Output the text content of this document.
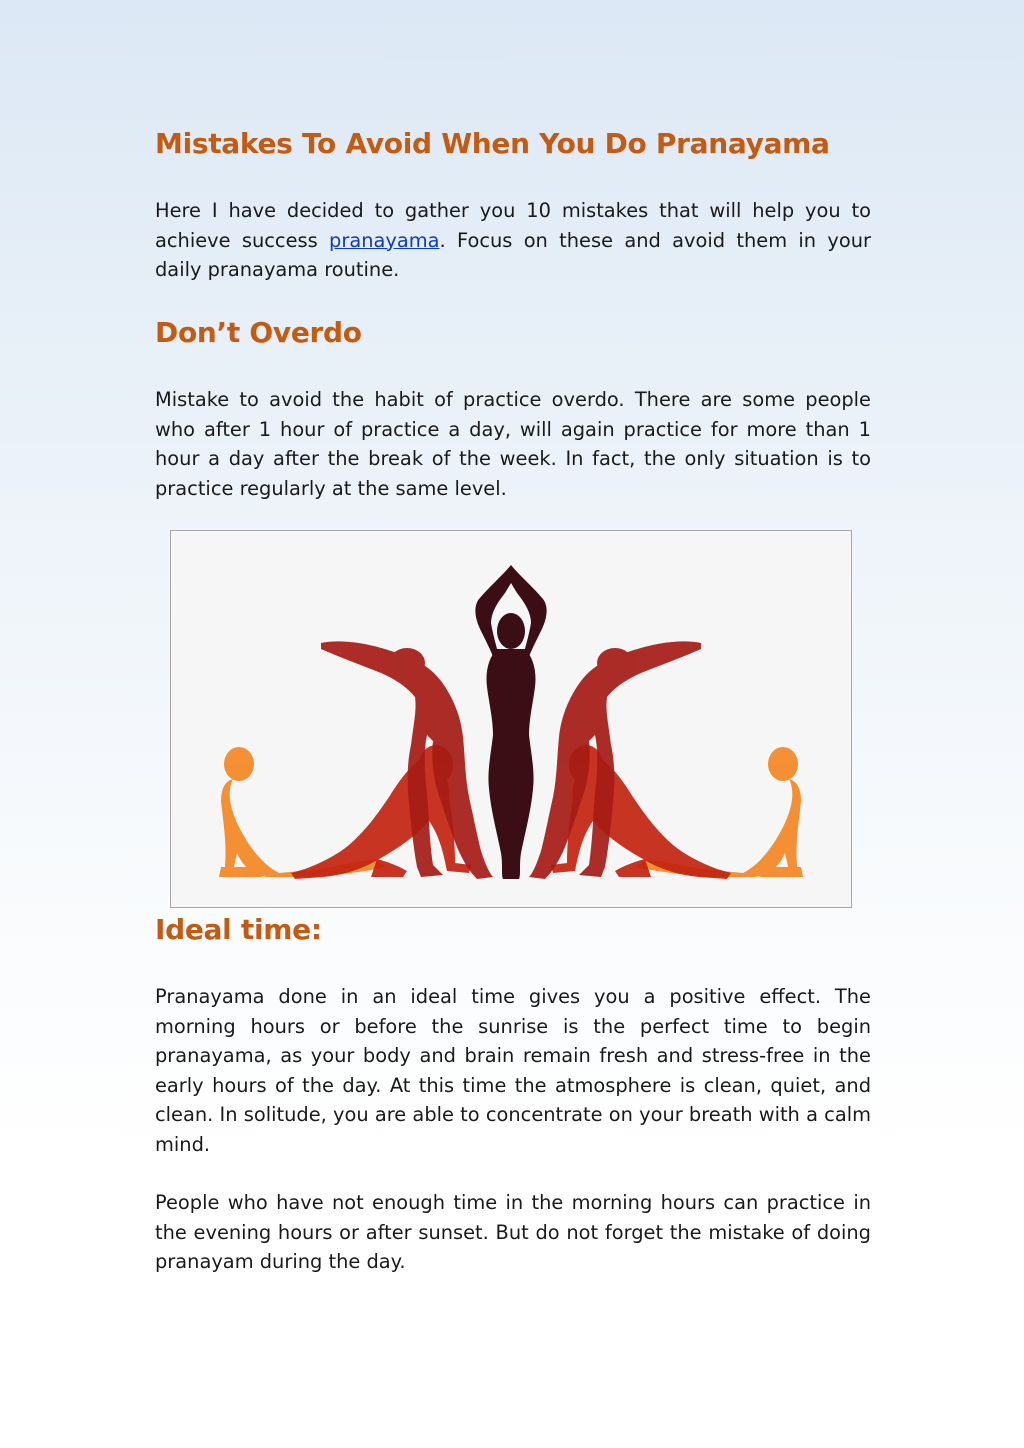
Mistakes To Avoid When You Do Pranayama

Here I have decided to gather you 10 mistakes that will help you to achieve success pranayama. Focus on these and avoid them in your daily pranayama routine.

Don’t Overdo

Mistake to avoid the habit of practice overdo. There are some people who after 1 hour of practice a day, will again practice for more than 1 hour a day after the break of the week. In fact, the only situation is to practice regularly at the same level.

Ideal time:

Pranayama done in an ideal time gives you a positive effect. The morning hours or before the sunrise is the perfect time to begin pranayama, as your body and brain remain fresh and stress-free in the early hours of the day. At this time the atmosphere is clean, quiet, and clean. In solitude, you are able to concentrate on your breath with a calm mind.

People who have not enough time in the morning hours can practice in the evening hours or after sunset. But do not forget the mistake of doing pranayam during the day.
